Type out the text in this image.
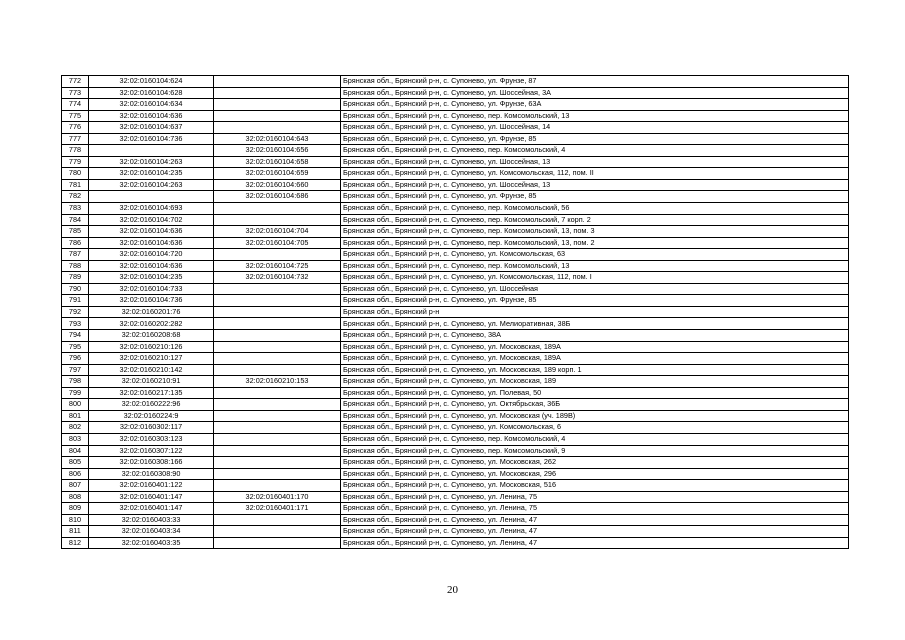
772	32:02:0160104:624		Брянская обл., Брянский р-н, с. Супонево, ул. Фрунзе, 87
773	32:02:0160104:628		Брянская обл., Брянский р-н, с. Супонево, ул. Шоссейная, 3А
774	32:02:0160104:634		Брянская обл., Брянский р-н, с. Супонево, ул. Фрунзе, 63А
775	32:02:0160104:636		Брянская обл., Брянский р-н, с. Супонево, пер. Комсомольский, 13
776	32:02:0160104:637		Брянская обл., Брянский р-н, с. Супонево, ул. Шоссейная, 14
777	32:02:0160104:736	32:02:0160104:643	Брянская обл., Брянский р-н, с. Супонево, ул. Фрунзе, 85
778		32:02:0160104:656	Брянская обл., Брянский р-н, с. Супонево, пер. Комсомольский, 4
779	32:02:0160104:263	32:02:0160104:658	Брянская обл., Брянский р-н, с. Супонево, ул. Шоссейная, 13
780	32:02:0160104:235	32:02:0160104:659	Брянская обл., Брянский р-н, с. Супонево, ул. Комсомольская, 112, пом. II
781	32:02:0160104:263	32:02:0160104:660	Брянская обл., Брянский р-н, с. Супонево, ул. Шоссейная, 13
782		32:02:0160104:686	Брянская обл., Брянский р-н, с. Супонево, ул. Фрунзе, 85
783	32:02:0160104:693		Брянская обл., Брянский р-н, с. Супонево, пер. Комсомольский, 56
784	32:02:0160104:702		Брянская обл., Брянский р-н, с. Супонево, пер. Комсомольский, 7 корп. 2
785	32:02:0160104:636	32:02:0160104:704	Брянская обл., Брянский р-н, с. Супонево, пер. Комсомольский, 13, пом. 3
786	32:02:0160104:636	32:02:0160104:705	Брянская обл., Брянский р-н, с. Супонево, пер. Комсомольский, 13, пом. 2
787	32:02:0160104:720		Брянская обл., Брянский р-н, с. Супонево, ул. Комсомольская, 63
788	32:02:0160104:636	32:02:0160104:725	Брянская обл., Брянский р-н, с. Супонево, пер. Комсомольский, 13
789	32:02:0160104:235	32:02:0160104:732	Брянская обл., Брянский р-н, с. Супонево, ул. Комсомольская, 112, пом. I
790	32:02:0160104:733		Брянская обл., Брянский р-н, с. Супонево, ул. Шоссейная
791	32:02:0160104:736		Брянская обл., Брянский р-н, с. Супонево, ул. Фрунзе, 85
792	32:02:0160201:76		Брянская обл., Брянский р-н
793	32:02:0160202:282		Брянская обл., Брянский р-н, с. Супонево, ул. Мелиоративная, 38Б
794	32:02:0160208:68		Брянская обл., Брянский р-н, с. Супонево, 38А
795	32:02:0160210:126		Брянская обл., Брянский р-н, с. Супонево, ул. Московская, 189А
796	32:02:0160210:127		Брянская обл., Брянский р-н, с. Супонево, ул. Московская, 189А
797	32:02:0160210:142		Брянская обл., Брянский р-н, с. Супонево, ул. Московская, 189 корп. 1
798	32:02:0160210:91	32:02:0160210:153	Брянская обл., Брянский р-н, с. Супонево, ул. Московская, 189
799	32:02:0160217:135		Брянская обл., Брянский р-н, с. Супонево, ул. Полевая, 50
800	32:02:0160222:96		Брянская обл., Брянский р-н, с. Супонево, ул. Октябрьская, 36Б
801	32:02:0160224:9		Брянская обл., Брянский р-н, с. Супонево, ул. Московская (уч. 189В)
802	32:02:0160302:117		Брянская обл., Брянский р-н, с. Супонево, ул. Комсомольская, 6
803	32:02:0160303:123		Брянская обл., Брянский р-н, с. Супонево, пер. Комсомольский, 4
804	32:02:0160307:122		Брянская обл., Брянский р-н, с. Супонево, пер. Комсомольский, 9
805	32:02:0160308:166		Брянская обл., Брянский р-н, с. Супонево, ул. Московская, 262
806	32:02:0160308:90		Брянская обл., Брянский р-н, с. Супонево, ул. Московская, 296
807	32:02:0160401:122		Брянская обл., Брянский р-н, с. Супонево, ул. Московская, 516
808	32:02:0160401:147	32:02:0160401:170	Брянская обл., Брянский р-н, с. Супонево, ул. Ленина, 75
809	32:02:0160401:147	32:02:0160401:171	Брянская обл., Брянский р-н, с. Супонево, ул. Ленина, 75
810	32:02:0160403:33		Брянская обл., Брянский р-н, с. Супонево, ул. Ленина, 47
811	32:02:0160403:34		Брянская обл., Брянский р-н, с. Супонево, ул. Ленина, 47
812	32:02:0160403:35		Брянская обл., Брянский р-н, с. Супонево, ул. Ленина, 47
20
